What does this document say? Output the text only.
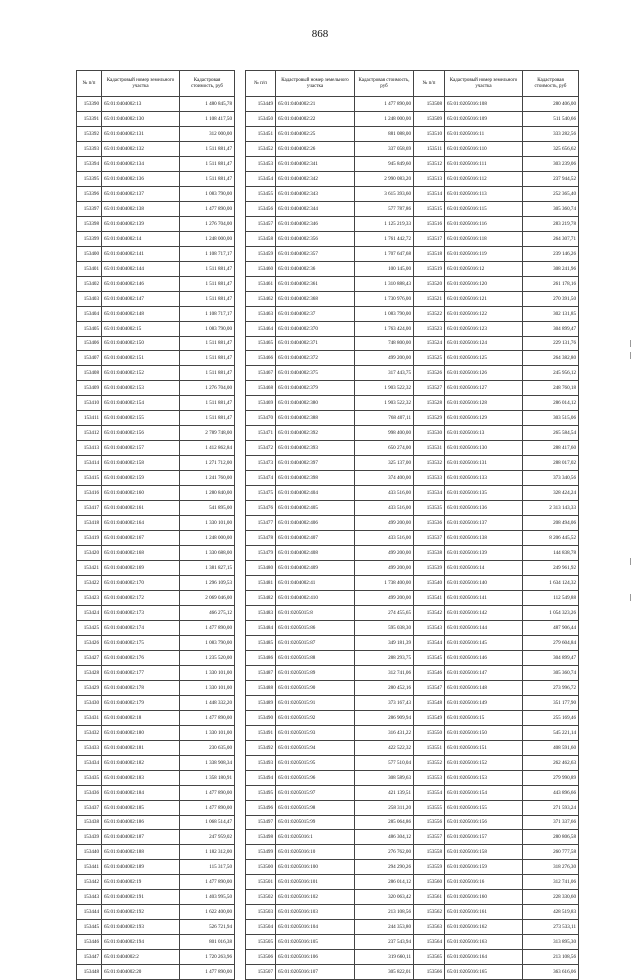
868
№ п/п	Кадастровый номер земельного участка	Кадастровая стоимость, руб
153390	65:01:0404002:13	1 480 845,78
153391	65:01:0404002:130	1 108 417,50
153392	65:01:0404002:131	312 000,00
153393	65:01:0404002:132	1 511 881,47
153394	65:01:0404002:134	1 511 881,47
153395	65:01:0404002:136	1 511 881,47
153396	65:01:0404002:137	1 083 790,00
153397	65:01:0404002:138	1 477 890,00
153398	65:01:0404002:139	1 276 704,00
153399	65:01:0404002:14	1 248 000,00
153400	65:01:0404002:141	1 108 717,17
153401	65:01:0404002:144	1 511 881,47
153402	65:01:0404002:146	1 511 881,47
153403	65:01:0404002:147	1 511 881,47
153404	65:01:0404002:148	1 108 717,17
153405	65:01:0404002:15	1 083 790,00
153406	65:01:0404002:150	1 511 881,47
153407	65:01:0404002:151	1 511 881,47
153408	65:01:0404002:152	1 511 881,47
153409	65:01:0404002:153	1 276 704,00
153410	65:01:0404002:154	1 511 881,47
153411	65:01:0404002:155	1 511 881,47
153412	65:01:0404002:156	2 789 748,00
153413	65:01:0404002:157	1 412 862,84
153414	65:01:0404002:158	1 271 712,00
153415	65:01:0404002:159	1 241 760,00
153416	65:01:0404002:160	1 280 840,00
153417	65:01:0404002:161	541 895,00
153418	65:01:0404002:164	1 330 101,00
153419	65:01:0404002:167	1 248 000,00
153420	65:01:0404002:168	1 330 688,00
153421	65:01:0404002:169	1 381 827,15
153422	65:01:0404002:170	1 296 109,53
153423	65:01:0404002:172	2 069 046,00
153424	65:01:0404002:173	466 275,12
153425	65:01:0404002:174	1 477 890,00
153426	65:01:0404002:175	1 083 790,00
153427	65:01:0404002:176	1 235 520,00
153428	65:01:0404002:177	1 330 101,00
153429	65:01:0404002:178	1 330 101,00
153430	65:01:0404002:179	1 448 332,20
153431	65:01:0404002:18	1 477 890,00
153432	65:01:0404002:180	1 330 101,00
153433	65:01:0404002:181	230 635,00
153434	65:01:0404002:182	1 338 908,34
153435	65:01:0404002:183	1 358 180,91
153436	65:01:0404002:184	1 477 890,00
153437	65:01:0404002:185	1 477 890,00
153438	65:01:0404002:186	1 068 514,47
153439	65:01:0404002:187	247 959,02
153440	65:01:0404002:188	1 182 312,00
153441	65:01:0404002:189	115 317,50
153442	65:01:0404002:19	1 477 890,00
153443	65:01:0404002:191	1 403 995,50
153444	65:01:0404002:192	1 622 400,00
153445	65:01:0404002:193	526 721,94
153446	65:01:0404002:194	801 016,38
153447	65:01:0404002:2	1 720 263,96
153448	65:01:0404002:20	1 477 890,00
№ п/п	Кадастровый номер земельного участка	Кадастровая стоимость, руб
153449	65:01:0404002:21	1 477 890,00
153450	65:01:0404002:22	1 248 000,00
153451	65:01:0404002:25	881 088,00
153452	65:01:0404002:26	337 058,69
153453	65:01:0404002:341	945 849,60
153454	65:01:0404002:342	2 990 083,20
153455	65:01:0404002:343	3 615 393,60
153456	65:01:0404002:344	577 787,86
153457	65:01:0404002:346	1 125 219,33
153458	65:01:0404002:356	1 761 442,72
153459	65:01:0404002:357	1 707 647,68
153460	65:01:0404002:36	100 145,00
153461	65:01:0404002:361	1 310 888,43
153462	65:01:0404002:368	1 730 976,00
153463	65:01:0404002:37	1 083 790,00
153464	65:01:0404002:370	1 763 424,00
153465	65:01:0404002:371	748 800,00
153466	65:01:0404002:372	499 200,00
153467	65:01:0404002:375	317 443,75
153468	65:01:0404002:379	1 903 522,32
153469	65:01:0404002:380	1 903 522,32
153470	65:01:0404002:388	768 407,11
153471	65:01:0404002:392	998 400,00
153472	65:01:0404002:393	650 274,00
153473	65:01:0404002:397	325 137,00
153474	65:01:0404002:398	374 400,00
153475	65:01:0404002:404	433 516,00
153476	65:01:0404002:405	433 516,00
153477	65:01:0404002:406	499 200,00
153478	65:01:0404002:407	433 516,00
153479	65:01:0404002:408	499 200,00
153480	65:01:0404002:409	499 200,00
153481	65:01:0404002:41	1 738 400,00
153482	65:01:0404002:410	499 200,00
153483	65:01:0205015:8	274 455,65
153484	65:01:0205015:86	595 038,30
153485	65:01:0205015:87	349 181,39
153486	65:01:0205015:88	288 293,75
153487	65:01:0205015:89	312 741,06
153488	65:01:0205015:90	280 452,16
153489	65:01:0205015:91	373 167,43
153490	65:01:0205015:92	286 909,94
153491	65:01:0205015:93	316 431,22
153492	65:01:0205015:94	422 522,32
153493	65:01:0205015:95	577 510,04
153494	65:01:0205015:96	308 589,63
153495	65:01:0205015:97	421 139,51
153496	65:01:0205015:98	258 311,20
153497	65:01:0205015:99	285 064,86
153498	65:01:0205016:1	486 304,12
153499	65:01:0205016:10	276 762,00
153500	65:01:0205016:100	294 290,26
153501	65:01:0205016:101	286 014,12
153502	65:01:0205016:102	320 063,42
153503	65:01:0205016:103	213 108,56
153504	65:01:0205016:104	244 353,80
153505	65:01:0205016:105	237 543,94
153506	65:01:0205016:106	319 660,11
153507	65:01:0205016:107	305 822,01
№ п/п	Кадастровый номер земельного участка	Кадастровая стоимость, руб
153508	65:01:0205016:108	280 406,00
153509	65:01:0205016:109	511 540,66
153510	65:01:0205016:11	333 282,56
153511	65:01:0205016:110	325 656,62
153512	65:01:0205016:111	303 239,06
153513	65:01:0205016:112	237 944,52
153514	65:01:0205016:113	252 365,40
153515	65:01:0205016:115	305 360,74
153516	65:01:0205016:116	283 219,78
153517	65:01:0205016:118	264 307,71
153518	65:01:0205016:119	239 146,26
153519	65:01:0205016:12	308 241,96
153520	65:01:0205016:120	261 178,16
153521	65:01:0205016:121	270 391,50
153522	65:01:0205016:122	302 131,85
153523	65:01:0205016:123	304 899,47
153524	65:01:0205016:124	229 131,76
153525	65:01:0205016:125	264 382,80
153526	65:01:0205016:126	245 956,12
153527	65:01:0205016:127	248 760,18
153528	65:01:0205016:128	286 014,12
153529	65:01:0205016:129	303 515,06
153530	65:01:0205016:13	265 584,54
153531	65:01:0205016:130	288 417,60
153532	65:01:0205016:131	288 017,02
153533	65:01:0205016:133	373 340,56
153534	65:01:0205016:135	328 424,24
153535	65:01:0205016:136	2 313 143,33
153536	65:01:0205016:137	208 494,06
153537	65:01:0205016:138	8 206 445,52
153538	65:01:0205016:139	144 838,78
153539	65:01:0205016:14	249 961,92
153540	65:01:0205016:140	1 634 124,32
153541	65:01:0205016:141	112 549,88
153542	65:01:0205016:142	1 054 323,26
153543	65:01:0205016:144	487 906,44
153544	65:01:0205016:145	279 604,84
153545	65:01:0205016:146	304 899,47
153546	65:01:0205016:147	305 360,74
153547	65:01:0205016:148	273 996,72
153548	65:01:0205016:149	351 177,90
153549	65:01:0205016:15	255 169,46
153550	65:01:0205016:150	545 221,14
153551	65:01:0205016:151	408 591,60
153552	65:01:0205016:152	262 462,63
153553	65:01:0205016:153	279 990,89
153554	65:01:0205016:154	443 896,66
153555	65:01:0205016:155	271 593,24
153556	65:01:0205016:156	371 337,66
153557	65:01:0205016:157	280 806,58
153558	65:01:0205016:158	260 777,58
153559	65:01:0205016:159	318 276,30
153560	65:01:0205016:16	312 741,06
153561	65:01:0205016:160	228 330,60
153562	65:01:0205016:161	428 519,83
153563	65:01:0205016:162	273 533,11
153564	65:01:0205016:163	313 895,30
153565	65:01:0205016:164	213 108,56
153566	65:01:0205016:165	363 616,06
